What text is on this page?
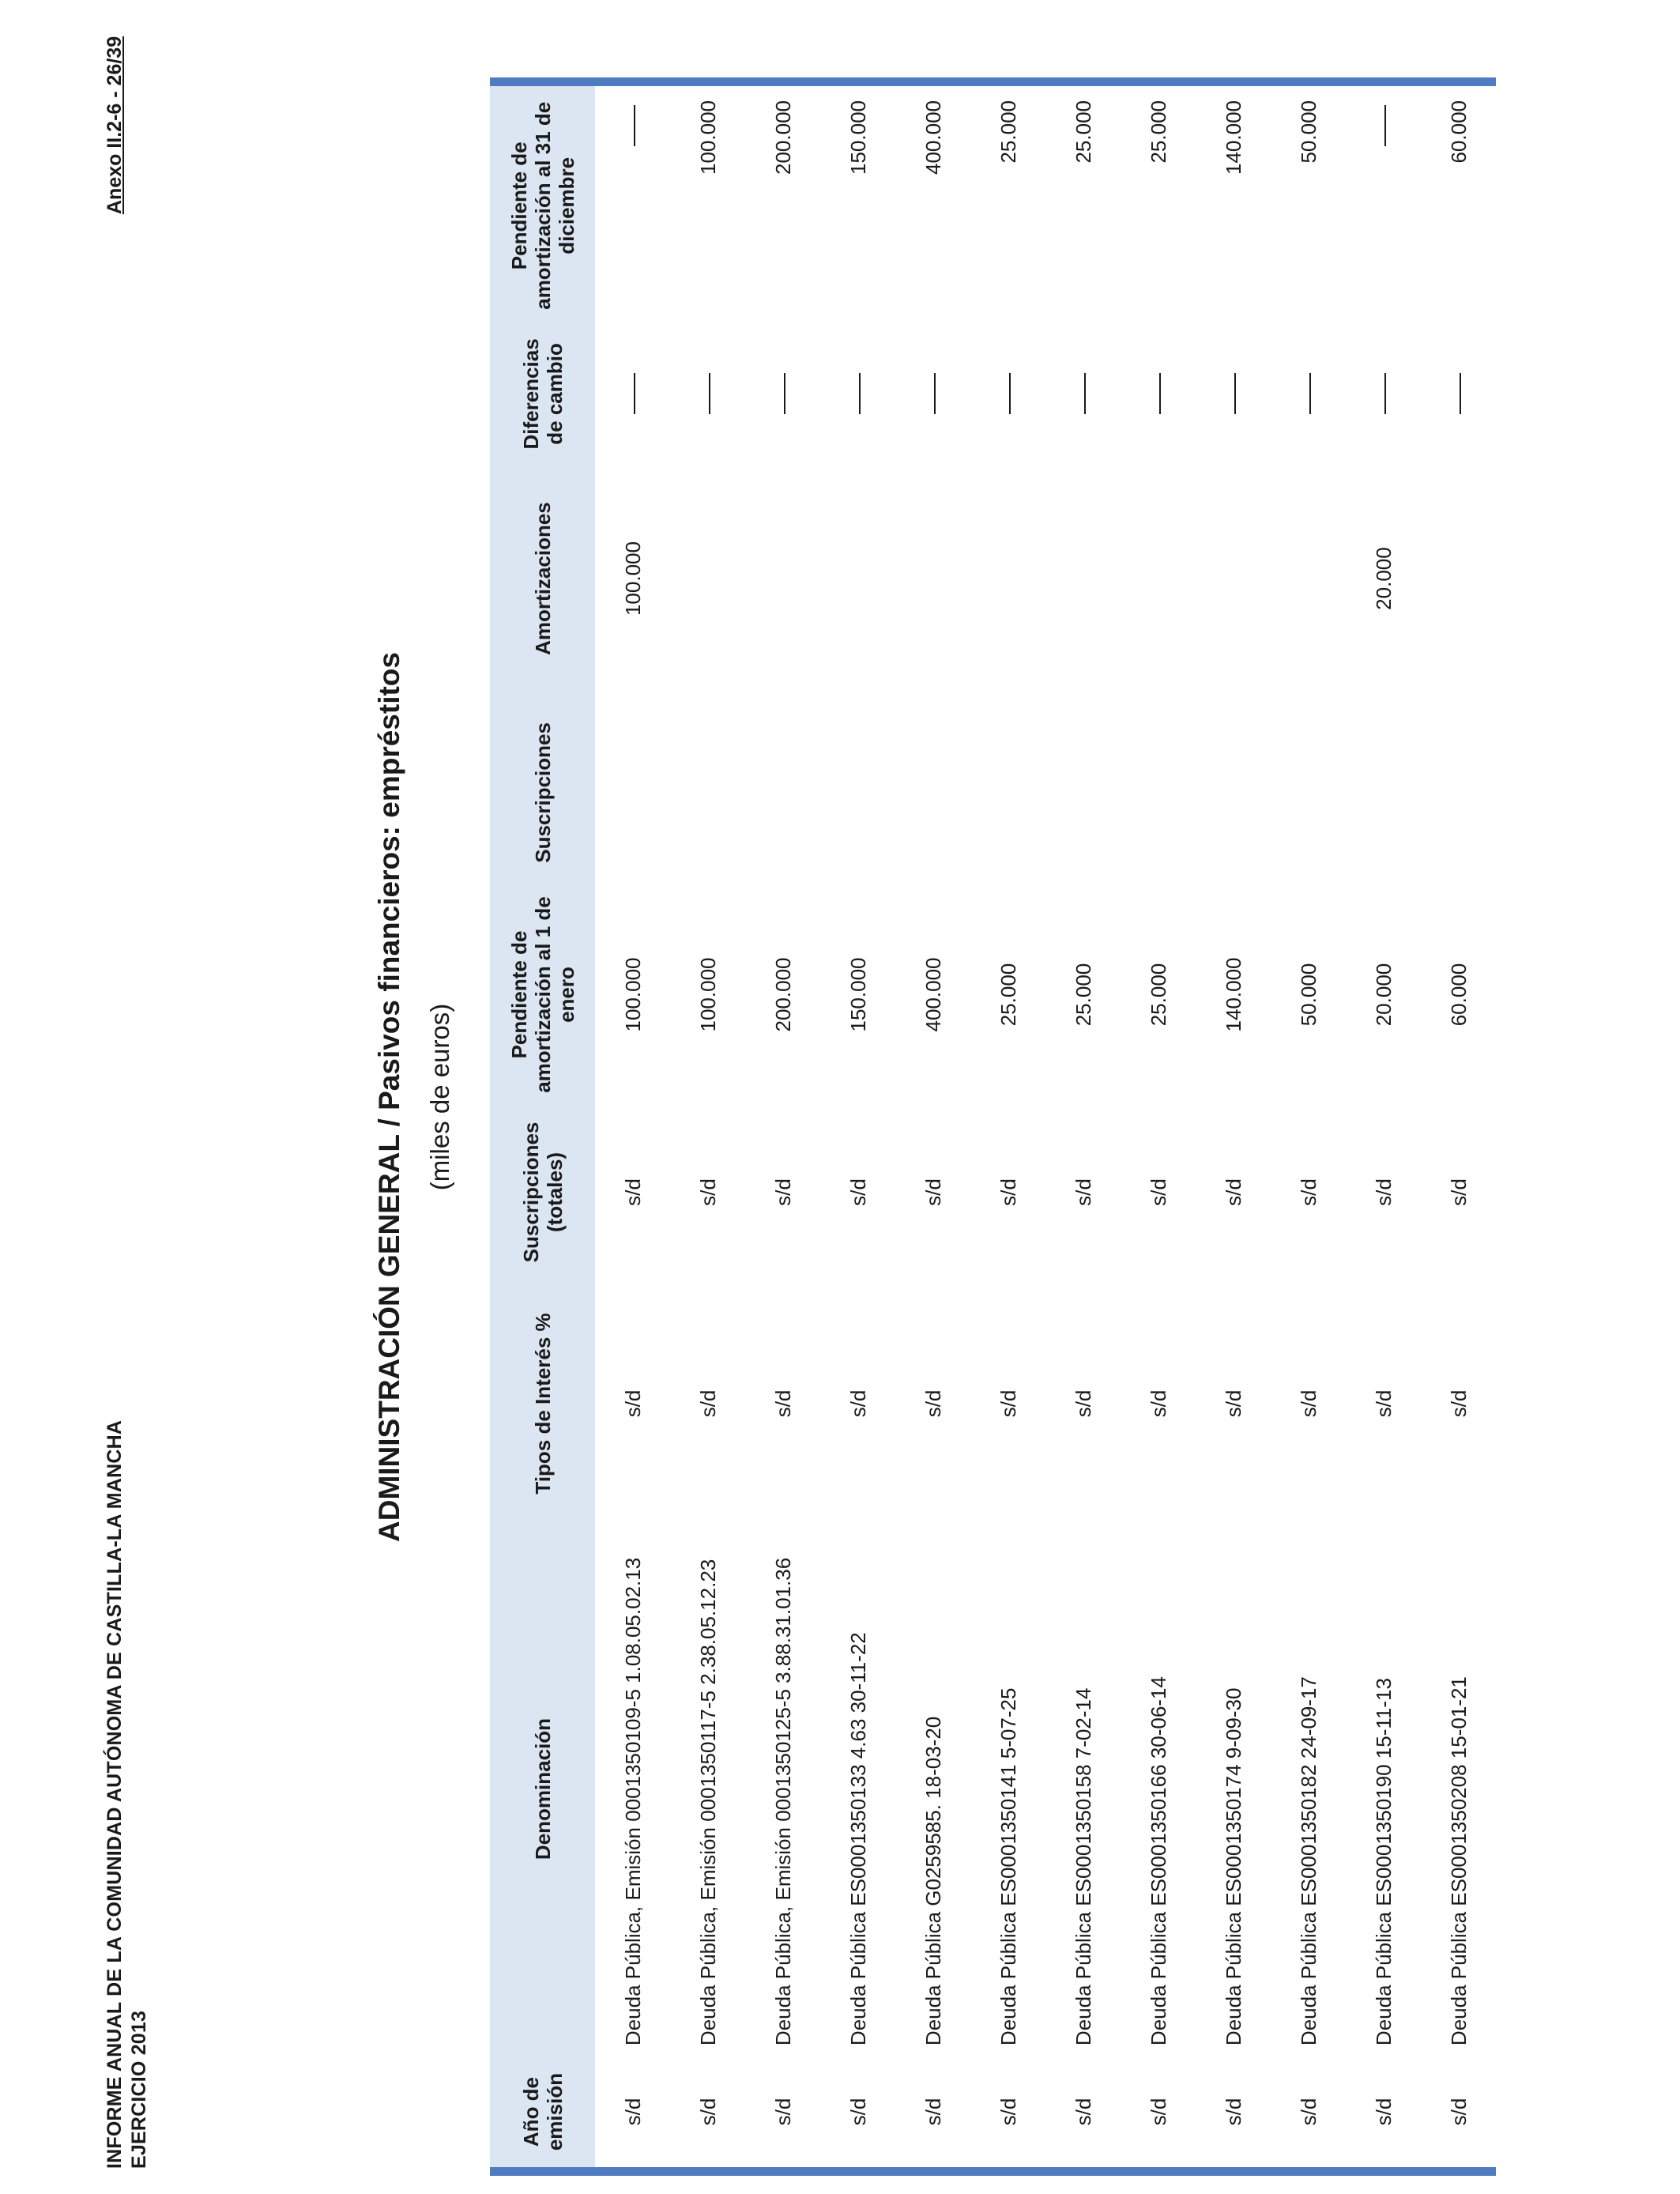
INFORME ANUAL DE LA COMUNIDAD AUTÓNOMA DE CASTILLA-LA MANCHA EJERCICIO 2013
Anexo II.2-6 - 26/39
ADMINISTRACIÓN GENERAL / Pasivos financieros: empréstitos (miles de euros)
Año de emisión	Denominación	Tipos de Interés %	Suscripciones (totales)	Pendiente de amortización al 1 de enero	Suscripciones	Amortizaciones	Diferencias de cambio	Pendiente de amortización al 31 de diciembre
s/d	Deuda Pública, Emisión 0001350109-5 1.08.05.02.13	s/d	s/d	100.000		100.000		
s/d	Deuda Pública, Emisión 0001350117-5 2.38.05.12.23	s/d	s/d	100.000				100.000
s/d	Deuda Pública, Emisión 0001350125-5 3.88.31.01.36	s/d	s/d	200.000				200.000
s/d	Deuda Pública ES0001350133 4.63 30-11-22	s/d	s/d	150.000				150.000
s/d	Deuda Pública G0259585. 18-03-20	s/d	s/d	400.000				400.000
s/d	Deuda Pública ES0001350141 5-07-25	s/d	s/d	25.000				25.000
s/d	Deuda Pública ES0001350158 7-02-14	s/d	s/d	25.000				25.000
s/d	Deuda Pública ES0001350166 30-06-14	s/d	s/d	25.000				25.000
s/d	Deuda Pública ES0001350174 9-09-30	s/d	s/d	140.000				140.000
s/d	Deuda Pública ES0001350182 24-09-17	s/d	s/d	50.000				50.000
s/d	Deuda Pública ES0001350190 15-11-13	s/d	s/d	20.000		20.000		
s/d	Deuda Pública ES0001350208 15-01-21	s/d	s/d	60.000				60.000
